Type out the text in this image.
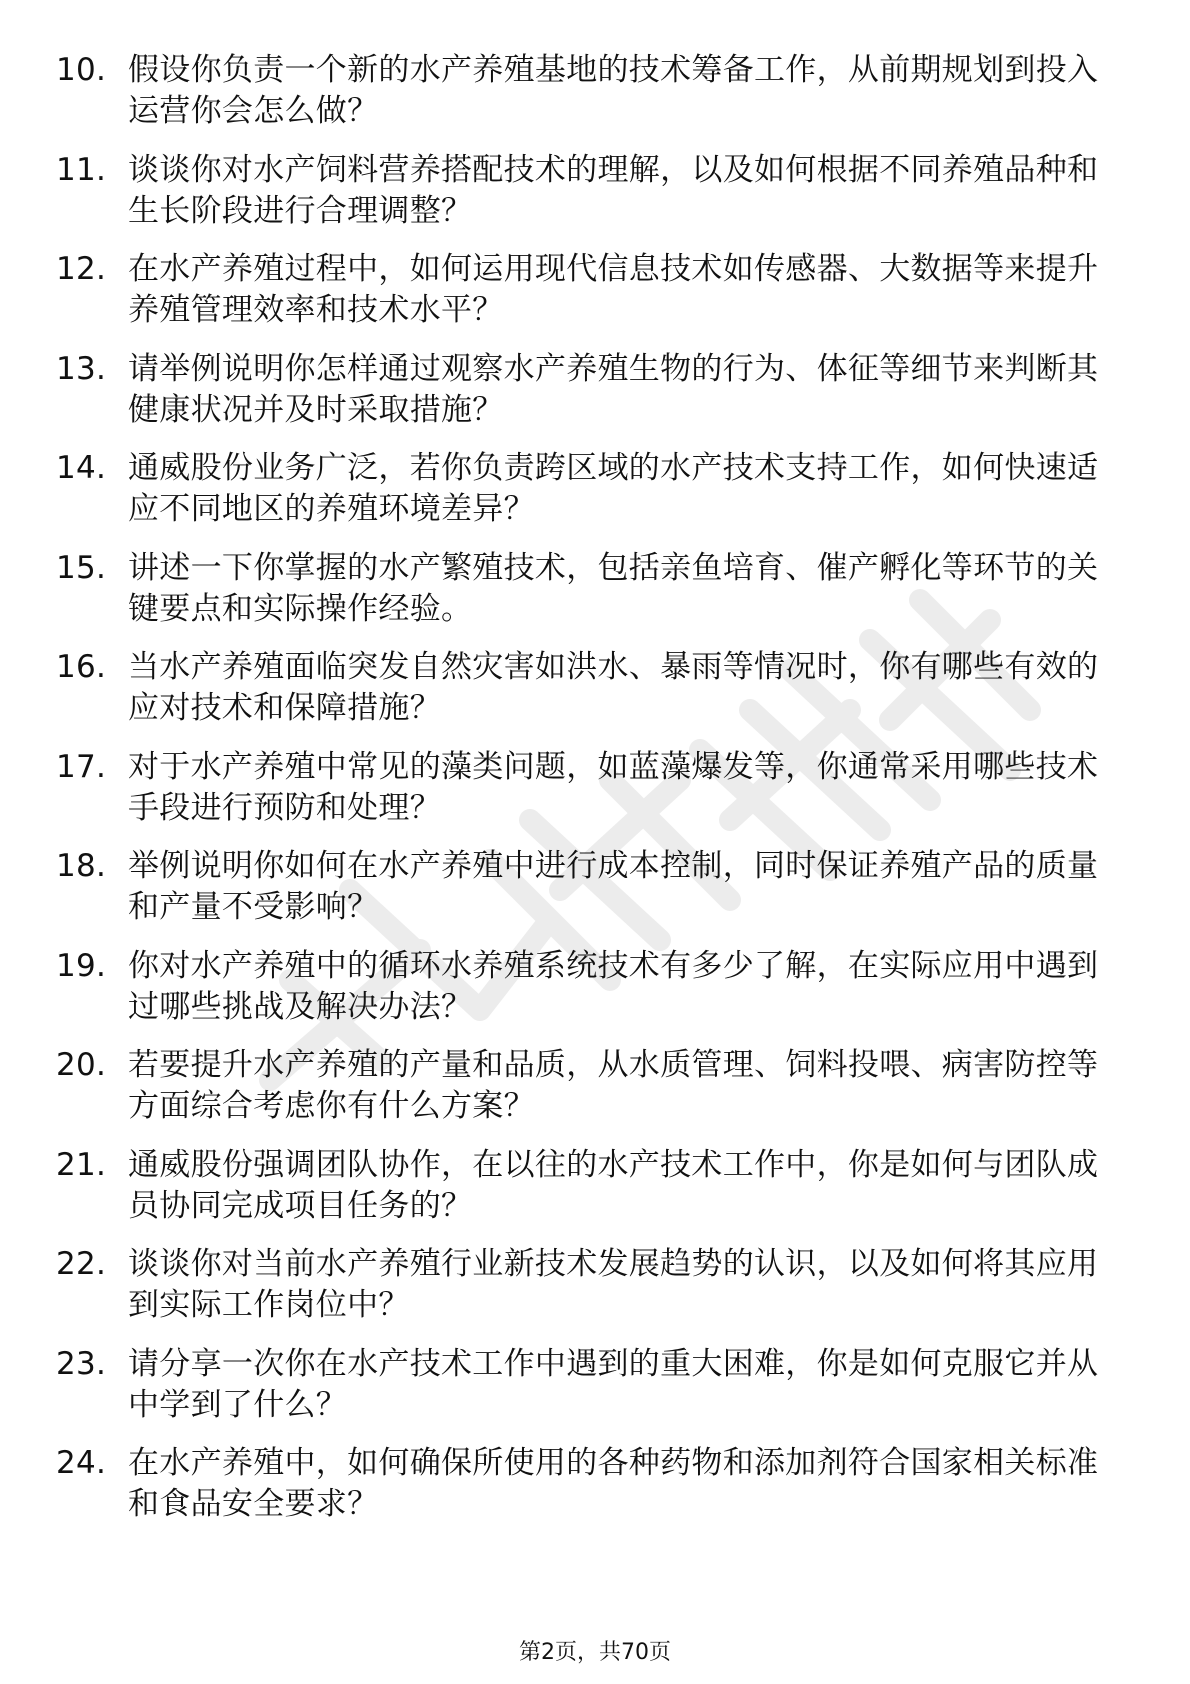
10. 假设你负责一个新的水产养殖基地的技术筹备工作，从前期规划到投入运营你会怎么做？
11. 谈谈你对水产饲料营养搭配技术的理解，以及如何根据不同养殖品种和生长阶段进行合理调整？
12. 在水产养殖过程中，如何运用现代信息技术如传感器、大数据等来提升养殖管理效率和技术水平？
13. 请举例说明你怎样通过观察水产养殖生物的行为、体征等细节来判断其健康状况并及时采取措施？
14. 通威股份业务广泛，若你负责跨区域的水产技术支持工作，如何快速适应不同地区的养殖环境差异？
15. 讲述一下你掌握的水产繁殖技术，包括亲鱼培育、催产孵化等环节的关键要点和实际操作经验。
16. 当水产养殖面临突发自然灾害如洪水、暴雨等情况时，你有哪些有效的应对技术和保障措施？
17. 对于水产养殖中常见的藻类问题，如蓝藻爆发等，你通常采用哪些技术手段进行预防和处理？
18. 举例说明你如何在水产养殖中进行成本控制，同时保证养殖产品的质量和产量不受影响？
19. 你对水产养殖中的循环水养殖系统技术有多少了解，在实际应用中遇到过哪些挑战及解决办法？
20. 若要提升水产养殖的产量和品质，从水质管理、饲料投喂、病害防控等方面综合考虑你有什么方案？
21. 通威股份强调团队协作，在以往的水产技术工作中，你是如何与团队成员协同完成项目任务的？
22. 谈谈你对当前水产养殖行业新技术发展趋势的认识，以及如何将其应用到实际工作岗位中？
23. 请分享一次你在水产技术工作中遇到的重大困难，你是如何克服它并从中学到了什么？
24. 在水产养殖中，如何确保所使用的各种药物和添加剂符合国家相关标准和食品安全要求？
第2页，共70页
